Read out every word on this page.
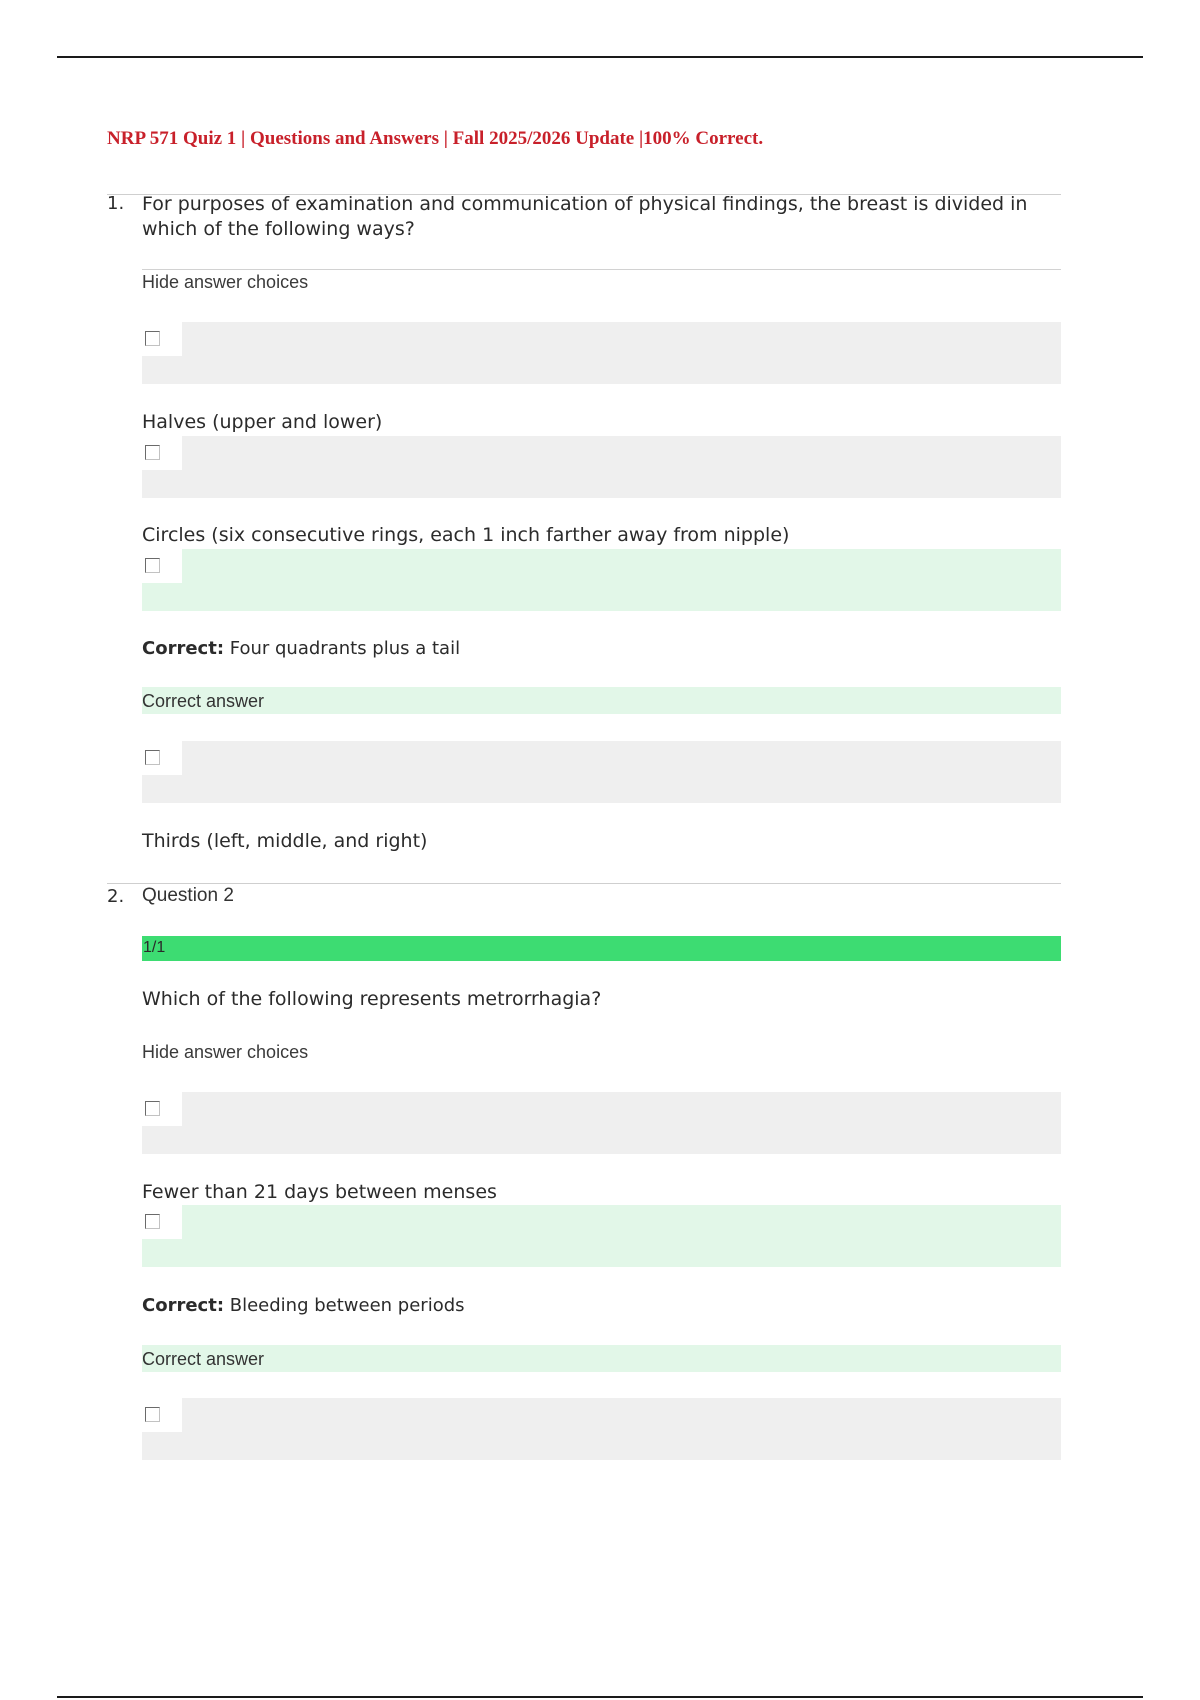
NRP 571 Quiz 1 | Questions and Answers | Fall 2025/2026 Update |100% Correct.
1. For purposes of examination and communication of physical findings, the breast is divided in which of the following ways?
Hide answer choices
Halves (upper and lower)
Circles (six consecutive rings, each 1 inch farther away from nipple)
Correct: Four quadrants plus a tail
Correct answer
Thirds (left, middle, and right)
2. Question 2
1/1
Which of the following represents metrorrhagia?
Hide answer choices
Fewer than 21 days between menses
Correct: Bleeding between periods
Correct answer
